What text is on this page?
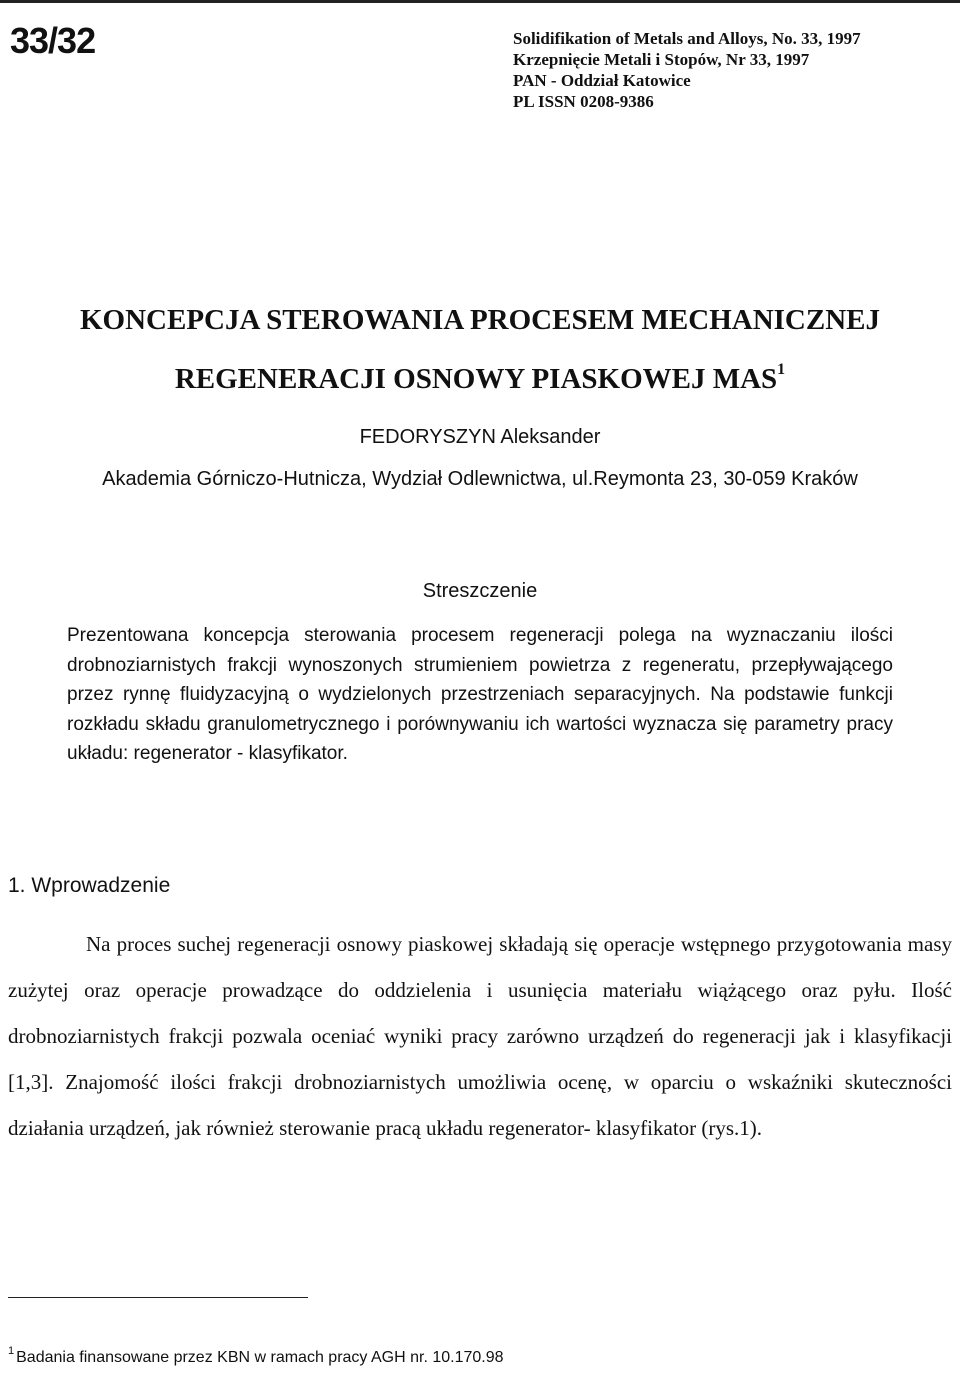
33/32	Solidifikation of Metals and Alloys, No. 33, 1997
Krzepnięcie Metali i Stopów, Nr 33, 1997
PAN - Oddział Katowice
PL ISSN 0208-9386
KONCEPCJA STEROWANIA PROCESEM MECHANICZNEJ
REGENERACJI OSNOWY PIASKOWEJ MAS$^1$
FEDORYSZYN Aleksander
Akademia Górniczo-Hutnicza, Wydział Odlewnictwa, ul.Reymonta 23, 30-059 Kraków
Streszczenie
Prezentowana koncepcja sterowania procesem regeneracji polega na wyznaczaniu ilości drobnoziarnistych frakcji wynoszonych strumieniem powietrza z regeneratu, przepływającego przez rynnę fluidyzacyjną o wydzielonych przestrzeniach separacyjnych. Na podstawie funkcji rozkładu składu granulometrycznego i porównywaniu ich wartości wyznacza się parametry pracy układu: regenerator - klasyfikator.
1. Wprowadzenie

Na proces suchej regeneracji osnowy piaskowej składają się operacje wstępnego przygotowania masy zużytej oraz operacje prowadzące do oddzielenia i usunięcia materiału wiążącego oraz pyłu. Ilość drobnoziarnistych frakcji pozwala oceniać wyniki pracy zarówno urządzeń do regeneracji jak i klasyfikacji [1,3]. Znajomość ilości frakcji drobnoziarnistych umożliwia ocenę, w oparciu o wskaźniki skuteczności działania urządzeń, jak również sterowanie pracą układu regenerator- klasyfikator (rys.1).

$^1$ Badania finansowane przez KBN w ramach pracy AGH nr. 10.170.98
